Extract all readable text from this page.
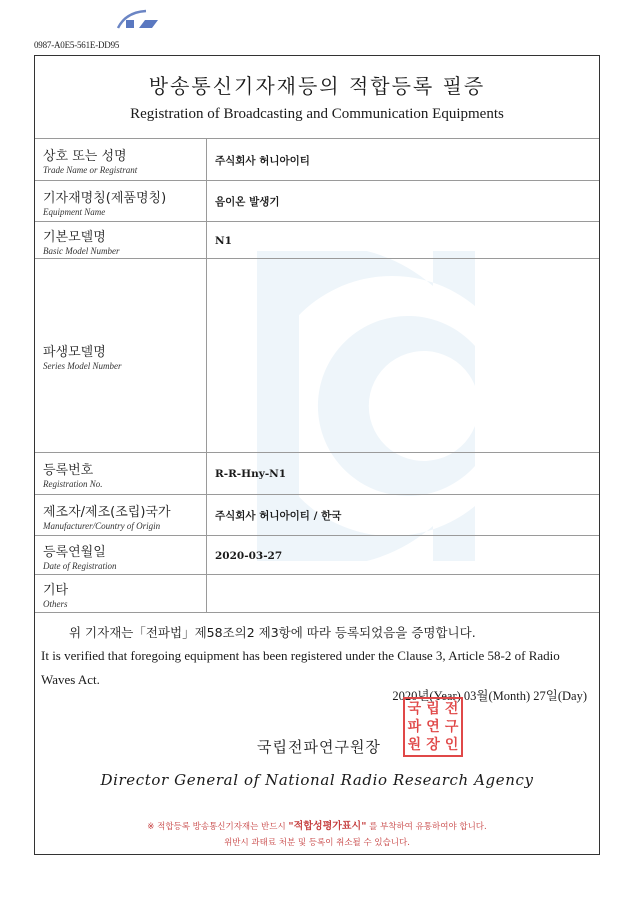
0987-A0E5-561E-DD95
방송통신기자재등의 적합등록 필증
Registration of Broadcasting and Communication Equipments
상호 또는 성명
Trade Name or Registrant
주식회사 허니아이티
기자재명칭(제품명칭)
Equipment Name
음이온 발생기
기본모델명
Basic Model Number
N1
파생모델명
Series Model Number
등록번호
Registration No.
R-R-Hny-N1
제조자/제조(조립)국가
Manufacturer/Country of Origin
주식회사 허니아이티 / 한국
등록연월일
Date of Registration
2020-03-27
기타
Others
위 기자재는「전파법」제58조의2 제3항에 따라 등록되었음을 증명합니다.
It is verified that foregoing equipment has been registered under the Clause 3, Article 58-2 of Radio Waves Act.
2020년(Year) 03월(Month) 27일(Day)
국립전파연구원장
국 립 전
파 연 구
원 장 인
Director General of National Radio Research Agency
※ 적합등록 방송통신기자재는 반드시 "적합성평가표시" 를 부착하여 유통하여야 합니다.
위반시 과태료 처분 및 등록이 취소될 수 있습니다.
